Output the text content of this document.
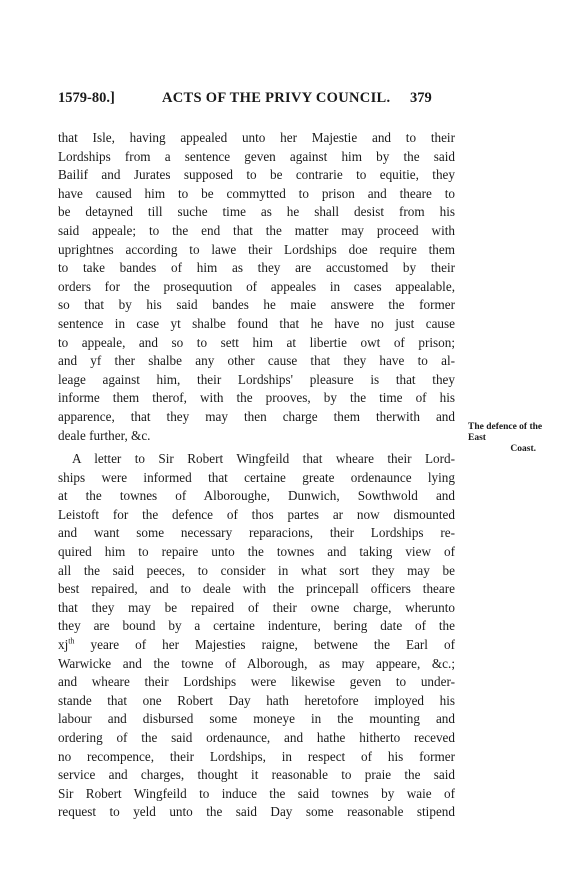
1579-80.]	ACTS OF THE PRIVY COUNCIL. 379
that Isle, having appealed unto her Majestie and to their
Lordships from a sentence geven against him by the said
Bailif and Jurates supposed to be contrarie to equitie, they
have caused him to be commytted to prison and theare to
be detayned till suche time as he shall desist from his
said appeale; to the end that the matter may proceed with
uprightnes according to lawe their Lordships doe require them
to take bandes of him as they are accustomed by their
orders for the prosequution of appeales in cases appealable,
so that by his said bandes he maie answere the former
sentence in case yt shalbe found that he have no just cause
to appeale, and so to sett him at libertie owt of prison;
and yf ther shalbe any other cause that they have to al-
leage against him, their Lordships' pleasure is that they
informe them therof, with the prooves, by the time of his
apparence, that they may then charge them therwith and
deale further, &c.
A letter to Sir Robert Wingfeild that wheare their Lord-
ships were informed that certaine greate ordenaunce lying
at the townes of Alboroughe, Dunwich, Sowthwold and
Leistoft for the defence of thos partes ar now dismounted
and want some necessary reparacions, their Lordships re-
quired him to repaire unto the townes and taking view of
all the said peeces, to consider in what sort they may be
best repaired, and to deale with the princepall officers theare
that they may be repaired of their owne charge, wherunto
they are bound by a certaine indenture, bering date of the
$xj^{th}$ yeare of her Majesties raigne, betwene the Earl of
Warwicke and the towne of Alborough, as may appeare, &c.;
and wheare their Lordships were likewise geven to under-
stande that one Robert Day hath heretofore imployed his
labour and disbursed some moneye in the mounting and
ordering of the said ordenaunce, and hathe hitherto receved
no recompence, their Lordships, in respect of his former
service and charges, thought it reasonable to praie the said
Sir Robert Wingfeild to induce the said townes by waie of
request to yeld unto the said Day some reasonable stipend
The defence of the East
Coast.
